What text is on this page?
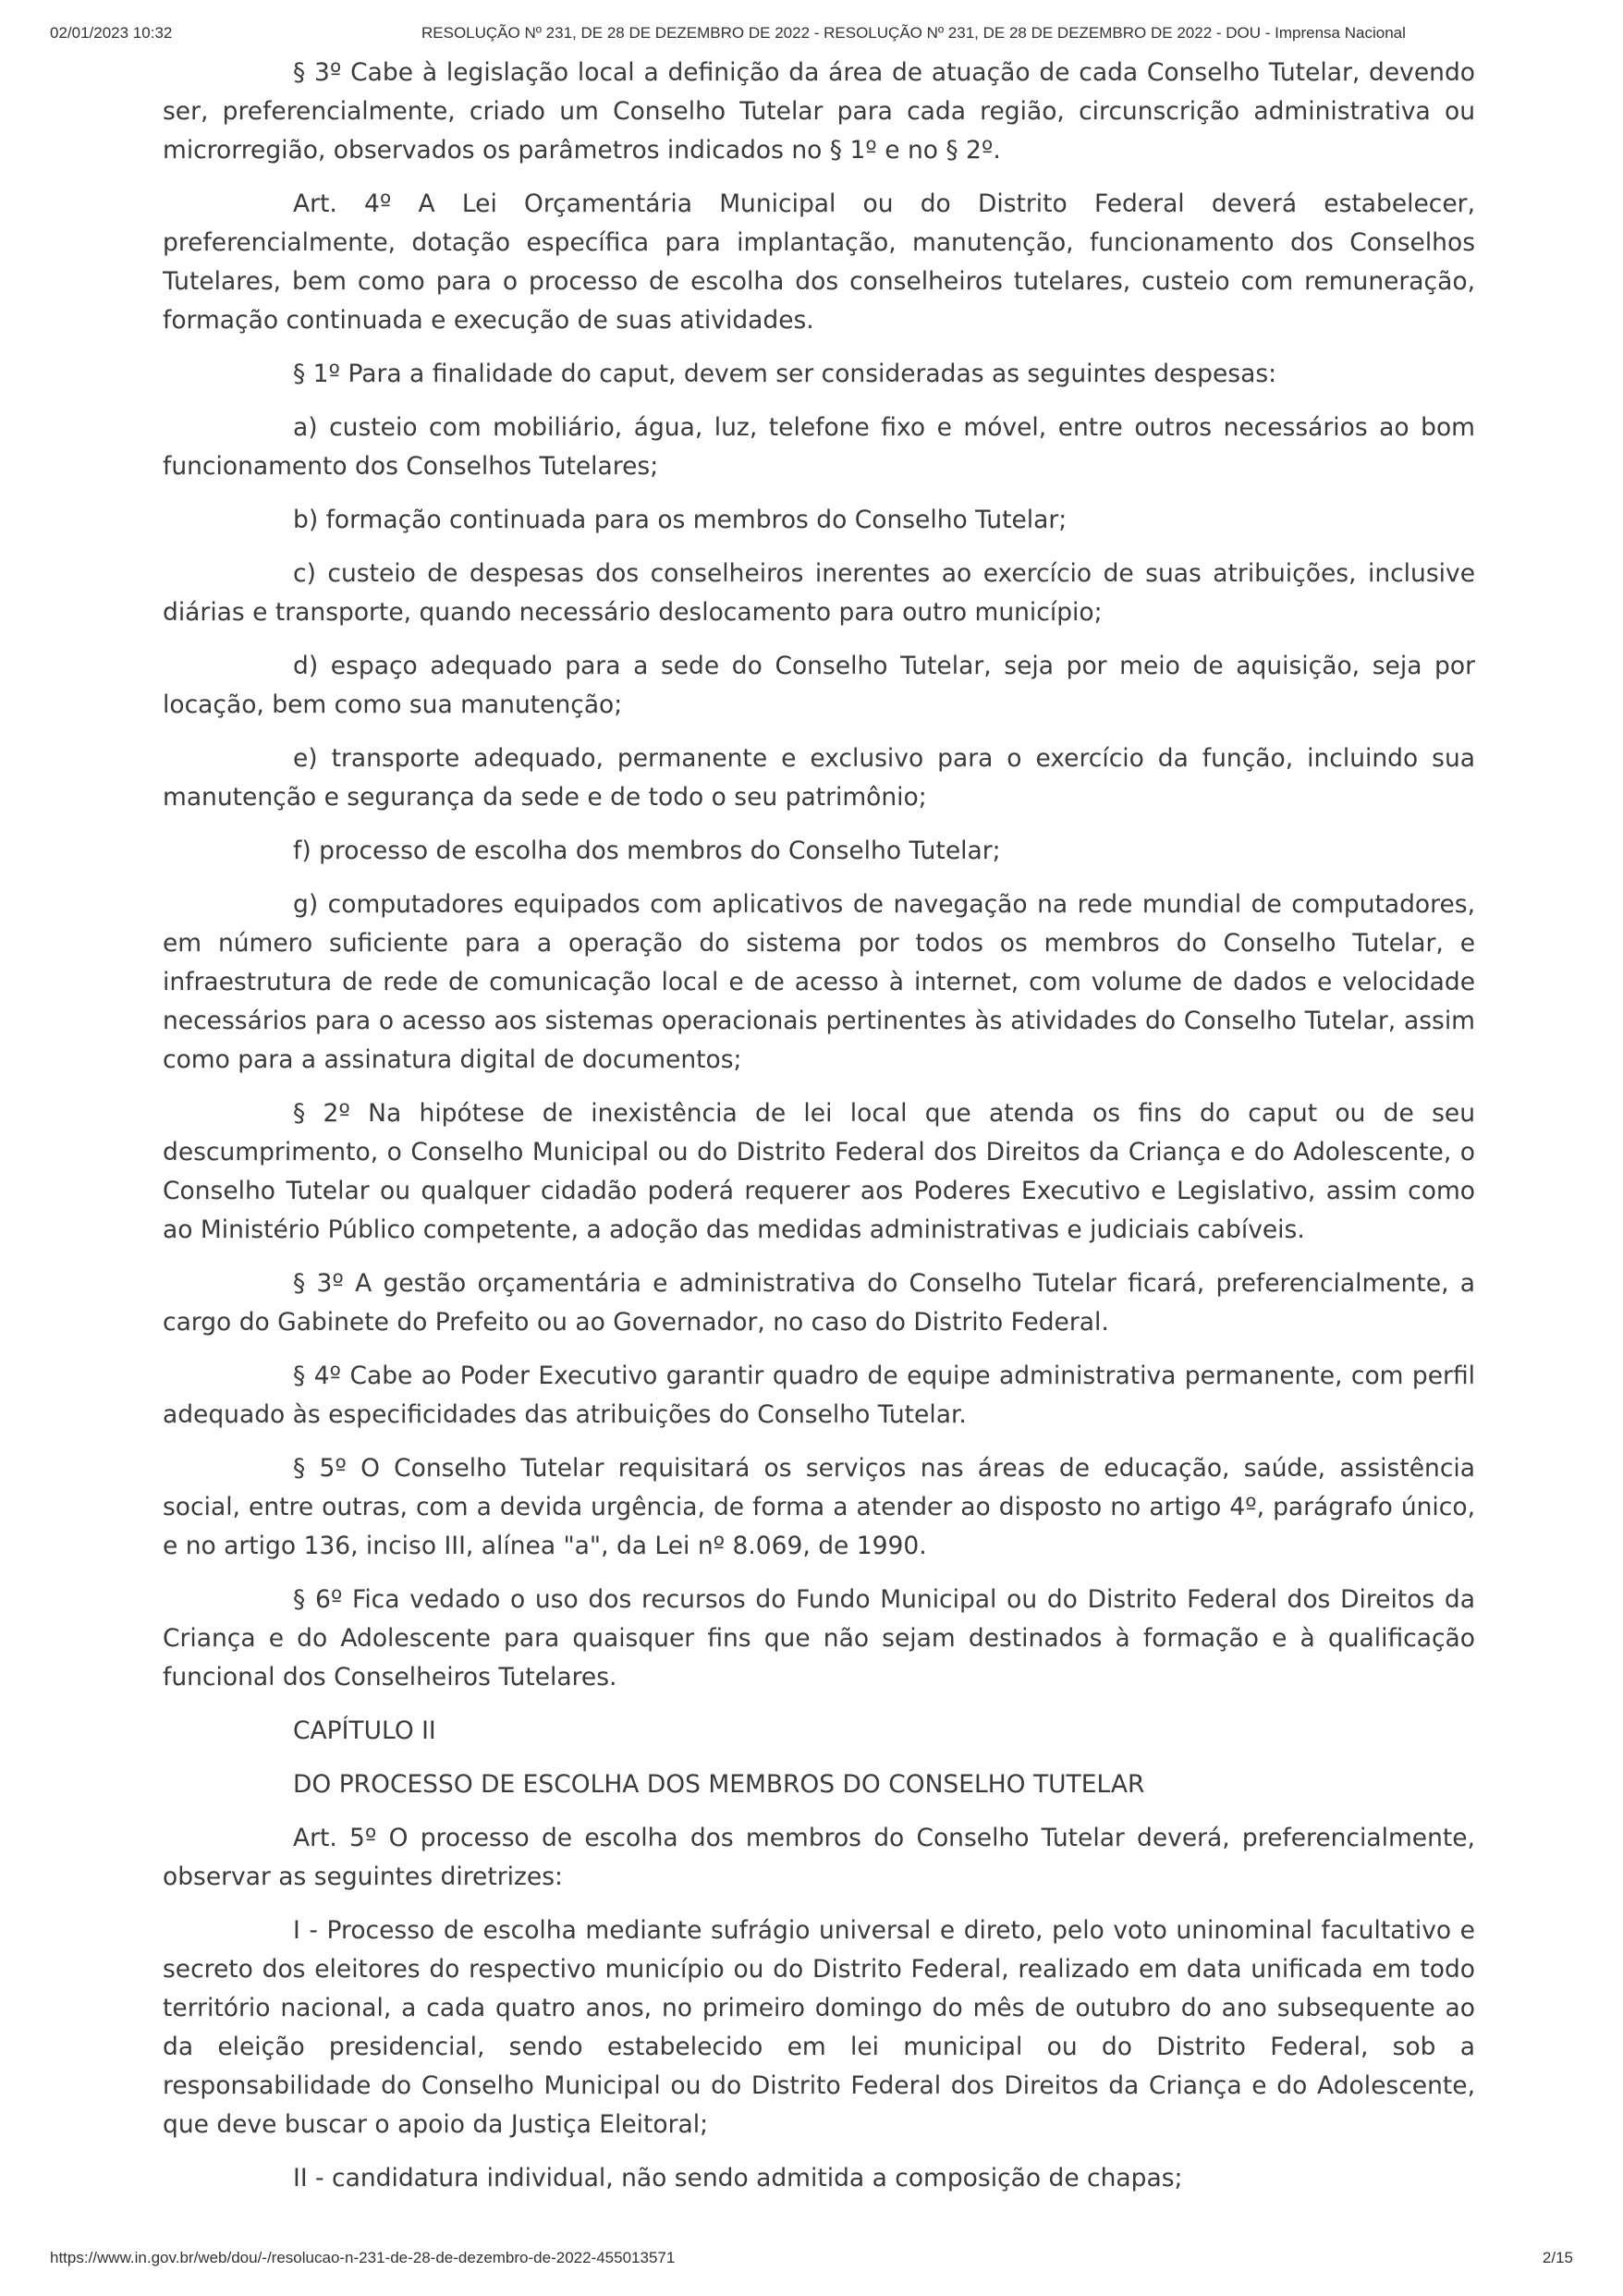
02/01/2023 10:32	RESOLUÇÃO Nº 231, DE 28 DE DEZEMBRO DE 2022 - RESOLUÇÃO Nº 231, DE 28 DE DEZEMBRO DE 2022 - DOU - Imprensa Nacional

§ 3º Cabe à legislação local a definição da área de atuação de cada Conselho Tutelar, devendo ser, preferencialmente, criado um Conselho Tutelar para cada região, circunscrição administrativa ou microrregião, observados os parâmetros indicados no § 1º e no § 2º.

Art. 4º A Lei Orçamentária Municipal ou do Distrito Federal deverá estabelecer, preferencialmente, dotação específica para implantação, manutenção, funcionamento dos Conselhos Tutelares, bem como para o processo de escolha dos conselheiros tutelares, custeio com remuneração, formação continuada e execução de suas atividades.

§ 1º Para a finalidade do caput, devem ser consideradas as seguintes despesas:

a) custeio com mobiliário, água, luz, telefone fixo e móvel, entre outros necessários ao bom funcionamento dos Conselhos Tutelares;

b) formação continuada para os membros do Conselho Tutelar;

c) custeio de despesas dos conselheiros inerentes ao exercício de suas atribuições, inclusive diárias e transporte, quando necessário deslocamento para outro município;

d) espaço adequado para a sede do Conselho Tutelar, seja por meio de aquisição, seja por locação, bem como sua manutenção;

e) transporte adequado, permanente e exclusivo para o exercício da função, incluindo sua manutenção e segurança da sede e de todo o seu patrimônio;

f) processo de escolha dos membros do Conselho Tutelar;

g) computadores equipados com aplicativos de navegação na rede mundial de computadores, em número suficiente para a operação do sistema por todos os membros do Conselho Tutelar, e infraestrutura de rede de comunicação local e de acesso à internet, com volume de dados e velocidade necessários para o acesso aos sistemas operacionais pertinentes às atividades do Conselho Tutelar, assim como para a assinatura digital de documentos;

§ 2º Na hipótese de inexistência de lei local que atenda os fins do caput ou de seu descumprimento, o Conselho Municipal ou do Distrito Federal dos Direitos da Criança e do Adolescente, o Conselho Tutelar ou qualquer cidadão poderá requerer aos Poderes Executivo e Legislativo, assim como ao Ministério Público competente, a adoção das medidas administrativas e judiciais cabíveis.

§ 3º A gestão orçamentária e administrativa do Conselho Tutelar ficará, preferencialmente, a cargo do Gabinete do Prefeito ou ao Governador, no caso do Distrito Federal.

§ 4º Cabe ao Poder Executivo garantir quadro de equipe administrativa permanente, com perfil adequado às especificidades das atribuições do Conselho Tutelar.

§ 5º O Conselho Tutelar requisitará os serviços nas áreas de educação, saúde, assistência social, entre outras, com a devida urgência, de forma a atender ao disposto no artigo 4º, parágrafo único, e no artigo 136, inciso III, alínea "a", da Lei nº 8.069, de 1990.

§ 6º Fica vedado o uso dos recursos do Fundo Municipal ou do Distrito Federal dos Direitos da Criança e do Adolescente para quaisquer fins que não sejam destinados à formação e à qualificação funcional dos Conselheiros Tutelares.

CAPÍTULO II

DO PROCESSO DE ESCOLHA DOS MEMBROS DO CONSELHO TUTELAR

Art. 5º O processo de escolha dos membros do Conselho Tutelar deverá, preferencialmente, observar as seguintes diretrizes:

I - Processo de escolha mediante sufrágio universal e direto, pelo voto uninominal facultativo e secreto dos eleitores do respectivo município ou do Distrito Federal, realizado em data unificada em todo território nacional, a cada quatro anos, no primeiro domingo do mês de outubro do ano subsequente ao da eleição presidencial, sendo estabelecido em lei municipal ou do Distrito Federal, sob a responsabilidade do Conselho Municipal ou do Distrito Federal dos Direitos da Criança e do Adolescente, que deve buscar o apoio da Justiça Eleitoral;

II - candidatura individual, não sendo admitida a composição de chapas;

https://www.in.gov.br/web/dou/-/resolucao-n-231-de-28-de-dezembro-de-2022-455013571	2/15
